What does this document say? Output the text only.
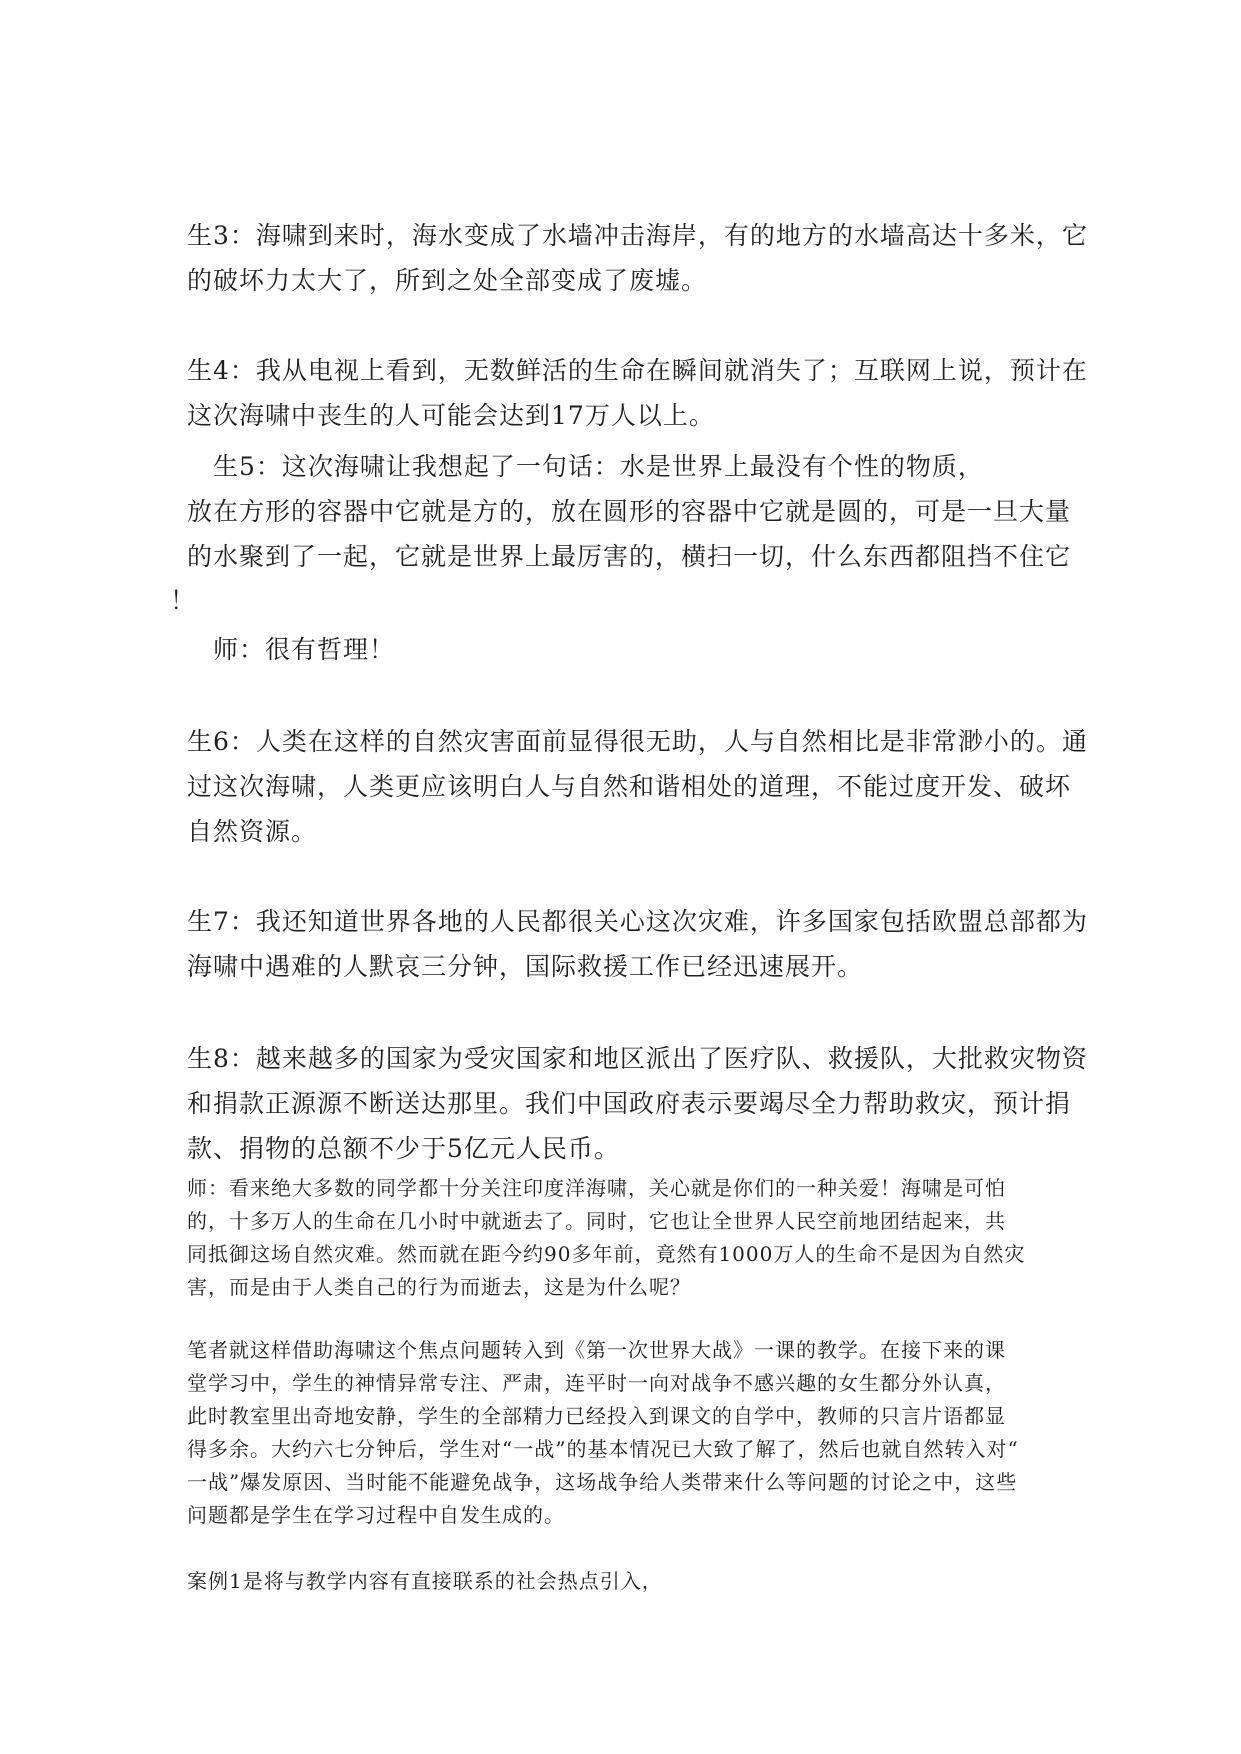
生3：海啸到来时，海水变成了水墙冲击海岸，有的地方的水墙高达十多米，它
的破坏力太大了，所到之处全部变成了废墟。
生4：我从电视上看到，无数鲜活的生命在瞬间就消失了；互联网上说，预计在
这次海啸中丧生的人可能会达到17万人以上。
生5：这次海啸让我想起了一句话：水是世界上最没有个性的物质，
放在方形的容器中它就是方的，放在圆形的容器中它就是圆的，可是一旦大量
的水聚到了一起，它就是世界上最厉害的，横扫一切，什么东西都阻挡不住它
！
师：很有哲理！
生6：人类在这样的自然灾害面前显得很无助，人与自然相比是非常渺小的。通
过这次海啸，人类更应该明白人与自然和谐相处的道理，不能过度开发、破坏
自然资源。
生7：我还知道世界各地的人民都很关心这次灾难，许多国家包括欧盟总部都为
海啸中遇难的人默哀三分钟，国际救援工作已经迅速展开。
生8：越来越多的国家为受灾国家和地区派出了医疗队、救援队，大批救灾物资
和捐款正源源不断送达那里。我们中国政府表示要竭尽全力帮助救灾，预计捐
款、捐物的总额不少于5亿元人民币。
师：看来绝大多数的同学都十分关注印度洋海啸，关心就是你们的一种关爱！海啸是可怕
的，十多万人的生命在几小时中就逝去了。同时，它也让全世界人民空前地团结起来，共
同抵御这场自然灾难。然而就在距今约90多年前，竟然有1000万人的生命不是因为自然灾
害，而是由于人类自己的行为而逝去，这是为什么呢？
笔者就这样借助海啸这个焦点问题转入到《第一次世界大战》一课的教学。在接下来的课
堂学习中，学生的神情异常专注、严肃，连平时一向对战争不感兴趣的女生都分外认真，
此时教室里出奇地安静，学生的全部精力已经投入到课文的自学中，教师的只言片语都显
得多余。大约六七分钟后，学生对“一战”的基本情况已大致了解了，然后也就自然转入对“
一战”爆发原因、当时能不能避免战争，这场战争给人类带来什么等问题的讨论之中，这些
问题都是学生在学习过程中自发生成的。
案例1是将与教学内容有直接联系的社会热点引入，
